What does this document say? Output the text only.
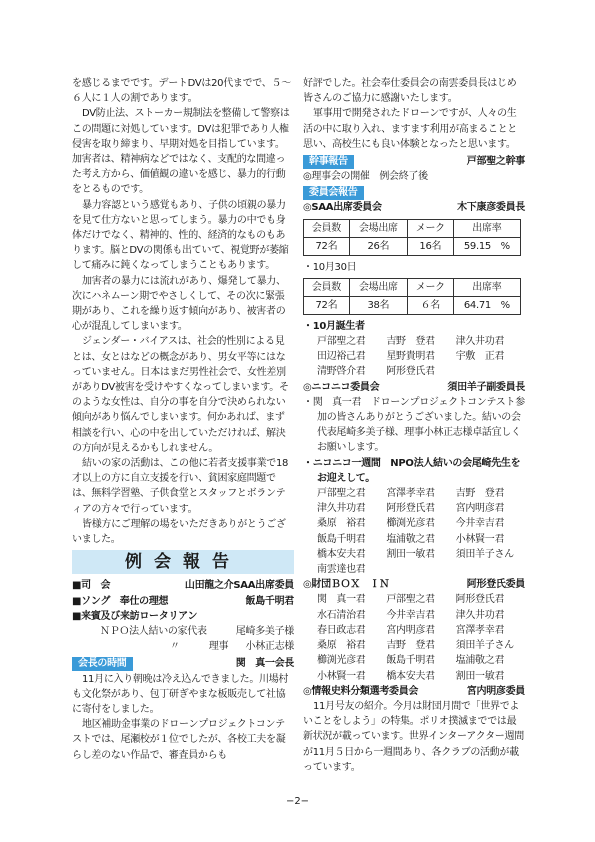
を感じるまでです。デートDVは20代までで、５～６人に１人の割であります。

DV防止法、ストーカー規制法を整備して警察はこの問題に対処しています。DVは犯罪であり人権侵害を取り締まり、早期対処を目指しています。加害者は、精神病などではなく、支配的な間違った考え方から、価値観の違いを感じ、暴力的行動をとるものです。

暴力容認という感覚もあり、子供の頃親の暴力を見て仕方ないと思ってしまう。暴力の中でも身体だけでなく、精神的、性的、経済的なものもあります。脳とDVの関係も出ていて、視覚野が萎縮して痛みに鈍くなってしまうこともあります。

加害者の暴力には流れがあり、爆発して暴力、次にハネムーン期でやさしくして、その次に緊張期があり、これを繰り返す傾向があり、被害者の心が混乱してしまいます。

ジェンダー・バイアスは、社会的性別による見とは、女とはなどの概念があり、男女平等にはなっていません。日本はまだ男性社会で、女性差別がありDV被害を受けやすくなってしまいます。そのような女性は、自分の事を自分で決められない傾向があり悩んでしまいます。何かあれば、まず相談を行い、心の中を出していただければ、解決の方向が見えるかもしれません。

結いの家の活動は、この他に若者支援事業で18才以上の方に自立支援を行い、貧困家庭問題では、無料学習塾、子供食堂とスタッフとボランティアの方々で行っています。

皆様方にご理解の場をいただきありがとうございました。

例会報告
■司　会	山田龍之介SAA出席委員
■ソング　奉仕の理想	飯島千明君
■来賓及び来訪ロータリアン
ＮＰＯ法人結いの家代表	尾崎多美子様
〃　　　理事 小林正志様
会長の時間	関　真一会長

11月に入り朝晩は冷え込んできました。川場村も文化祭があり、包丁研ぎやまな板販売して社協に寄付をしました。

地区補助金事業のドローンプロジェクトコンテストでは、尾瀬校が１位でしたが、各校工夫を凝らし差のない作品で、審査員からも

好評でした。社会奉仕委員会の南雲委員長はじめ皆さんのご協力に感謝いたします。

軍事用で開発されたドローンですが、人々の生活の中に取り入れ、ますます利用が高まることと思い、高校生にも良い体験となったと思います。

幹事報告	戸部聖之幹事
◎理事会の開催　例会終了後
委員会報告
◎SAA出席委員会	木下康彦委員長
会員数	会場出席	メーク	出席率
72名	26名	16名	59.15　%
・10月30日
会員数	会場出席	メーク	出席率
72名	38名	６名	64.71　%
・10月誕生者
戸部聖之君	吉野　登君	津久井功君
田辺裕己君	星野貴明君	宇敷　正君
清野啓介君	阿形登氏君
◎ニコニコ委員会	須田羊子副委員長
・関　真一君　ドローンプロジェクトコンテスト参加の皆さんありがとうございました。結いの会代表尾崎多美子様、理事小林正志様卓話宜しくお願いします。
・ニコニコ一週間　NPO法人結いの会尾崎先生をお迎えして。
戸部聖之君	宮澤孝幸君	吉野　登君
津久井功君	阿形登氏君	宮内明彦君
桑原　裕君	櫛渕光彦君	今井幸吉君
飯島千明君	塩浦敬之君	小林賢一君
橋本安夫君	割田一敏君	須田羊子さん
南雲達也君
◎財団ＢＯＸ　ＩＮ	阿形登氏委員
関　真一君	戸部聖之君	阿形登氏君
水石清治君	今井幸吉君	津久井功君
春日政志君	宮内明彦君	宮澤孝幸君
桑原　裕君	吉野　登君	須田羊子さん
櫛渕光彦君	飯島千明君	塩浦敬之君
小林賢一君	橋本安夫君	割田一敏君
◎情報史料分類選考委員会	宮内明彦委員

11月号友の紹介。今月は財団月間で「世界でよいことをしよう」の特集。ポリオ撲滅まででは最新状況が載っています。世界インターアクター週間が11月５日から一週間あり、各クラブの活動が載っています。

−2−
